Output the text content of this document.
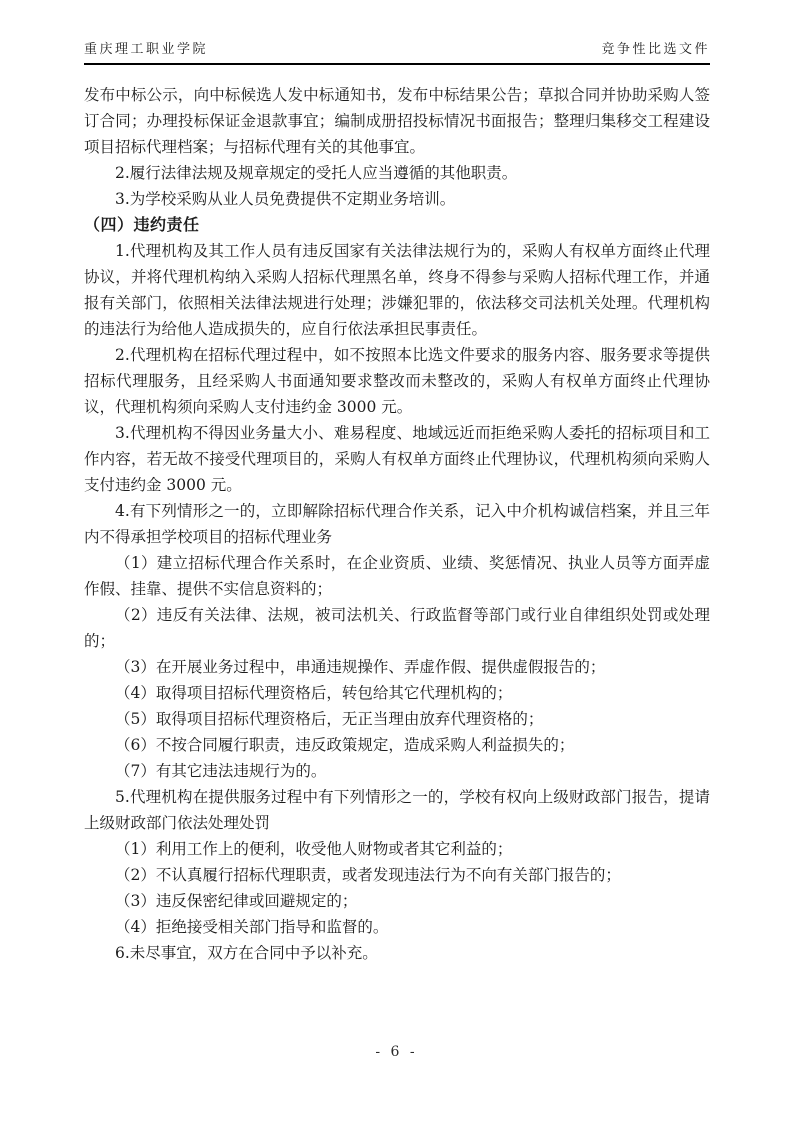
重庆理工职业学院	竞争性比选文件

发布中标公示，向中标候选人发中标通知书，发布中标结果公告；草拟合同并协助采购人签订合同；办理投标保证金退款事宜；编制成册招投标情况书面报告；整理归集移交工程建设项目招标代理档案；与招标代理有关的其他事宜。

2.履行法律法规及规章规定的受托人应当遵循的其他职责。

3.为学校采购从业人员免费提供不定期业务培训。

（四）违约责任

1.代理机构及其工作人员有违反国家有关法律法规行为的，采购人有权单方面终止代理协议，并将代理机构纳入采购人招标代理黑名单，终身不得参与采购人招标代理工作，并通报有关部门，依照相关法律法规进行处理；涉嫌犯罪的，依法移交司法机关处理。代理机构的违法行为给他人造成损失的，应自行依法承担民事责任。

2.代理机构在招标代理过程中，如不按照本比选文件要求的服务内容、服务要求等提供招标代理服务，且经采购人书面通知要求整改而未整改的，采购人有权单方面终止代理协议，代理机构须向采购人支付违约金 3000 元。

3.代理机构不得因业务量大小、难易程度、地域远近而拒绝采购人委托的招标项目和工作内容，若无故不接受代理项目的，采购人有权单方面终止代理协议，代理机构须向采购人支付违约金 3000 元。

4.有下列情形之一的，立即解除招标代理合作关系，记入中介机构诚信档案，并且三年内不得承担学校项目的招标代理业务

（1）建立招标代理合作关系时，在企业资质、业绩、奖惩情况、执业人员等方面弄虚作假、挂靠、提供不实信息资料的；

（2）违反有关法律、法规，被司法机关、行政监督等部门或行业自律组织处罚或处理的；

（3）在开展业务过程中，串通违规操作、弄虚作假、提供虚假报告的；

（4）取得项目招标代理资格后，转包给其它代理机构的；

（5）取得项目招标代理资格后，无正当理由放弃代理资格的；

（6）不按合同履行职责，违反政策规定，造成采购人利益损失的；

（7）有其它违法违规行为的。

5.代理机构在提供服务过程中有下列情形之一的，学校有权向上级财政部门报告，提请上级财政部门依法处理处罚

（1）利用工作上的便利，收受他人财物或者其它利益的；

（2）不认真履行招标代理职责，或者发现违法行为不向有关部门报告的；

（3）违反保密纪律或回避规定的；

（4）拒绝接受相关部门指导和监督的。

6.未尽事宜，双方在合同中予以补充。

- 6 -
